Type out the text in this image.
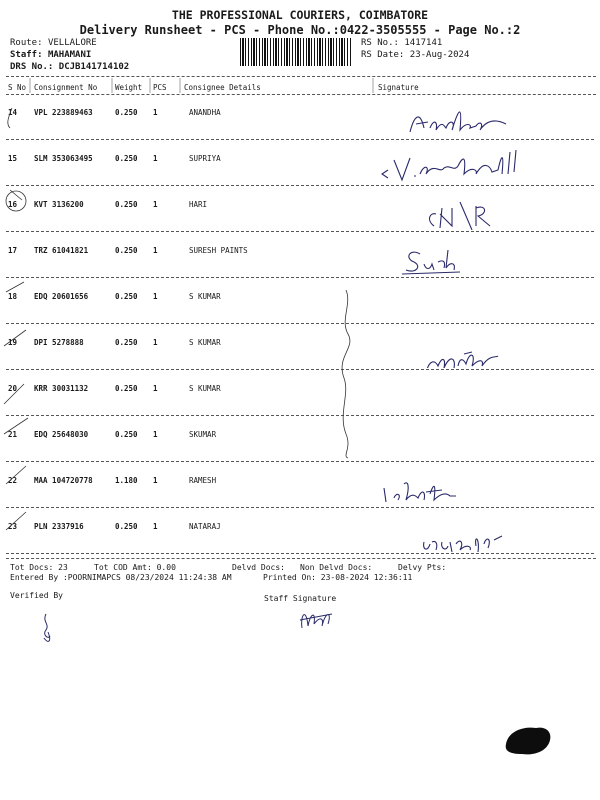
THE PROFESSIONAL COURIERS, COIMBATORE
Delivery Runsheet - PCS - Phone No.:0422-3505555 - Page No.:2
Route: VELLALORE
Staff: MAHAMANI
DRS No.: DCJB141714102
RS No.: 1417141
RS Date: 23-Aug-2024
S No Consignment No Weight PCS Consignee Details	Signature
14 VPL 223889463	0.250 1	ANANDHA
15 SLM 353063495	0.250 1	SUPRIYA
16 KVT 3136200	0.250 1	HARI
17 TRZ 61041821	0.250 1	SURESH PAINTS
18 EDQ 20601656	0.250 1	S KUMAR
19 DPI 5278888	0.250 1	S KUMAR
20 KRR 30031132	0.250 1	S KUMAR
21 EDQ 25648030	0.250 1	SKUMAR
22 MAA 104720778	1.180 1	RAMESH
23 PLN 2337916	0.250 1	NATARAJ
Tot Docs: 23	Tot COD Amt: 0.00	Delvd Docs: Non Delvd Docs:	Delvy Pts:
Entered By :POORNIMAPCS 08/23/2024 11:24:38 AM	Printed On: 23-08-2024 12:36:11
Verified By	Staff Signature
